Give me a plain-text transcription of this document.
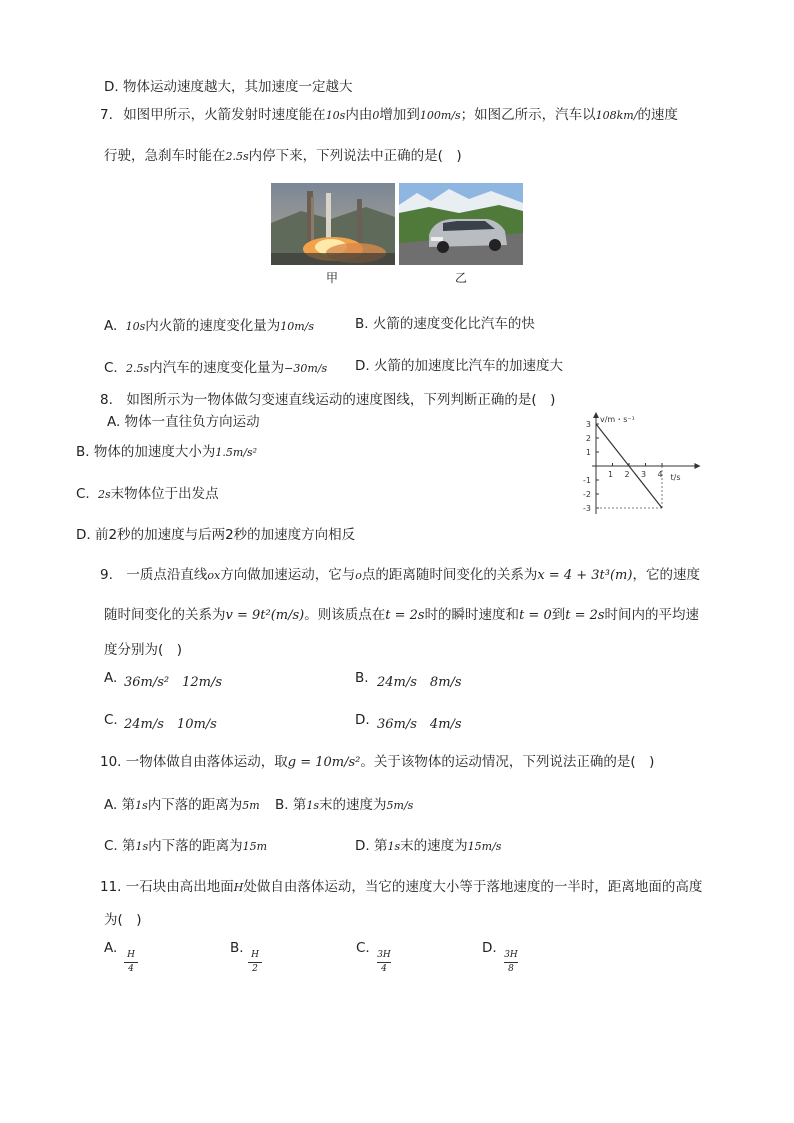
D. 物体运动速度越大，其加速度一定越大
7. 如图甲所示，火箭发射时速度能在10s内由0增加到100m/s；如图乙所示，汽车以108km/的速度
行驶，急刹车时能在2.5s内停下来，下列说法中正确的是(　)
甲	乙
A. 10s内火箭的速度变化量为10m/s	B. 火箭的速度变化比汽车的快
C. 2.5s内汽车的速度变化量为−30m/s D. 火箭的加速度比汽车的加速度大
8.　如图所示为一物体做匀变速直线运动的速度图线，下列判断正确的是(　)
A. 物体一直往负方向运动
B. 物体的加速度大小为1.5m/s²
C. 2s末物体位于出发点
D. 前2秒的加速度与后两2秒的加速度方向相反
v/m・s⁻¹
t/s
3
2
1
-1
-2
-3
1 2 3 4
9.　一质点沿直线ox方向做加速运动，它与o点的距离随时间变化的关系为x = 4 + 3t³(m)，它的速度
随时间变化的关系为v = 9t²(m/s)。则该质点在t = 2s时的瞬时速度和t = 0到t = 2s时间内的平均速
度分别为(　)
A. 36m/s²　12m/s	B. 24m/s　8m/s
C. 24m/s　10m/s	D. 36m/s　4m/s
10. 一物体做自由落体运动，取g = 10m/s²。关于该物体的运动情况，下列说法正确的是(　)
A. 第1s内下落的距离为5m B. 第1s末的速度为5m/s
C. 第1s内下落的距离为15m	D. 第1s末的速度为15m/s
11. 一石块由高出地面H处做自由落体运动，当它的速度大小等于落地速度的一半时，距离地面的高度
为(　)
A.	H
4
B. H
2
C. 3H
4
D. 3H
8
